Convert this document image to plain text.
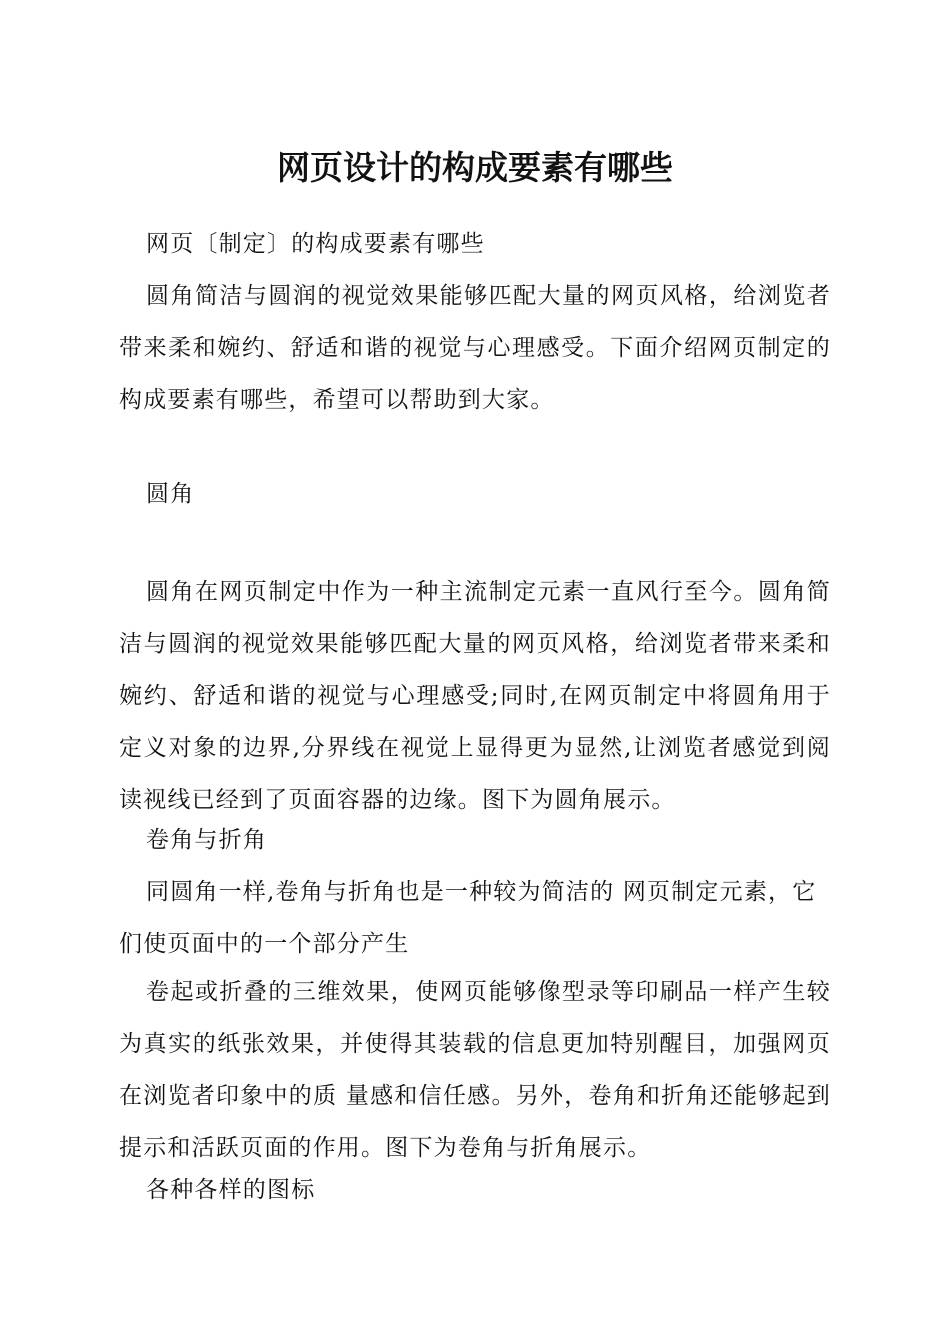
网页设计的构成要素有哪些

网页〔制定〕的构成要素有哪些

圆角简洁与圆润的视觉效果能够匹配大量的网页风格，给浏览者带来柔和婉约、舒适和谐的视觉与心理感受。下面介绍网页制定的构成要素有哪些，希望可以帮助到大家。

圆角

圆角在网页制定中作为一种主流制定元素一直风行至今。圆角简洁与圆润的视觉效果能够匹配大量的网页风格，给浏览者带来柔和婉约、舒适和谐的视觉与心理感受;同时,在网页制定中将圆角用于定义对象的边界,分界线在视觉上显得更为显然,让浏览者感觉到阅读视线已经到了页面容器的边缘。图下为圆角展示。

卷角与折角

同圆角一样,卷角与折角也是一种较为简洁的 网页制定元素，它们使页面中的一个部分产生

卷起或折叠的三维效果，使网页能够像型录等印刷品一样产生较为真实的纸张效果，并使得其装载的信息更加特别醒目，加强网页在浏览者印象中的质 量感和信任感。另外，卷角和折角还能够起到提示和活跃页面的作用。图下为卷角与折角展示。

各种各样的图标
